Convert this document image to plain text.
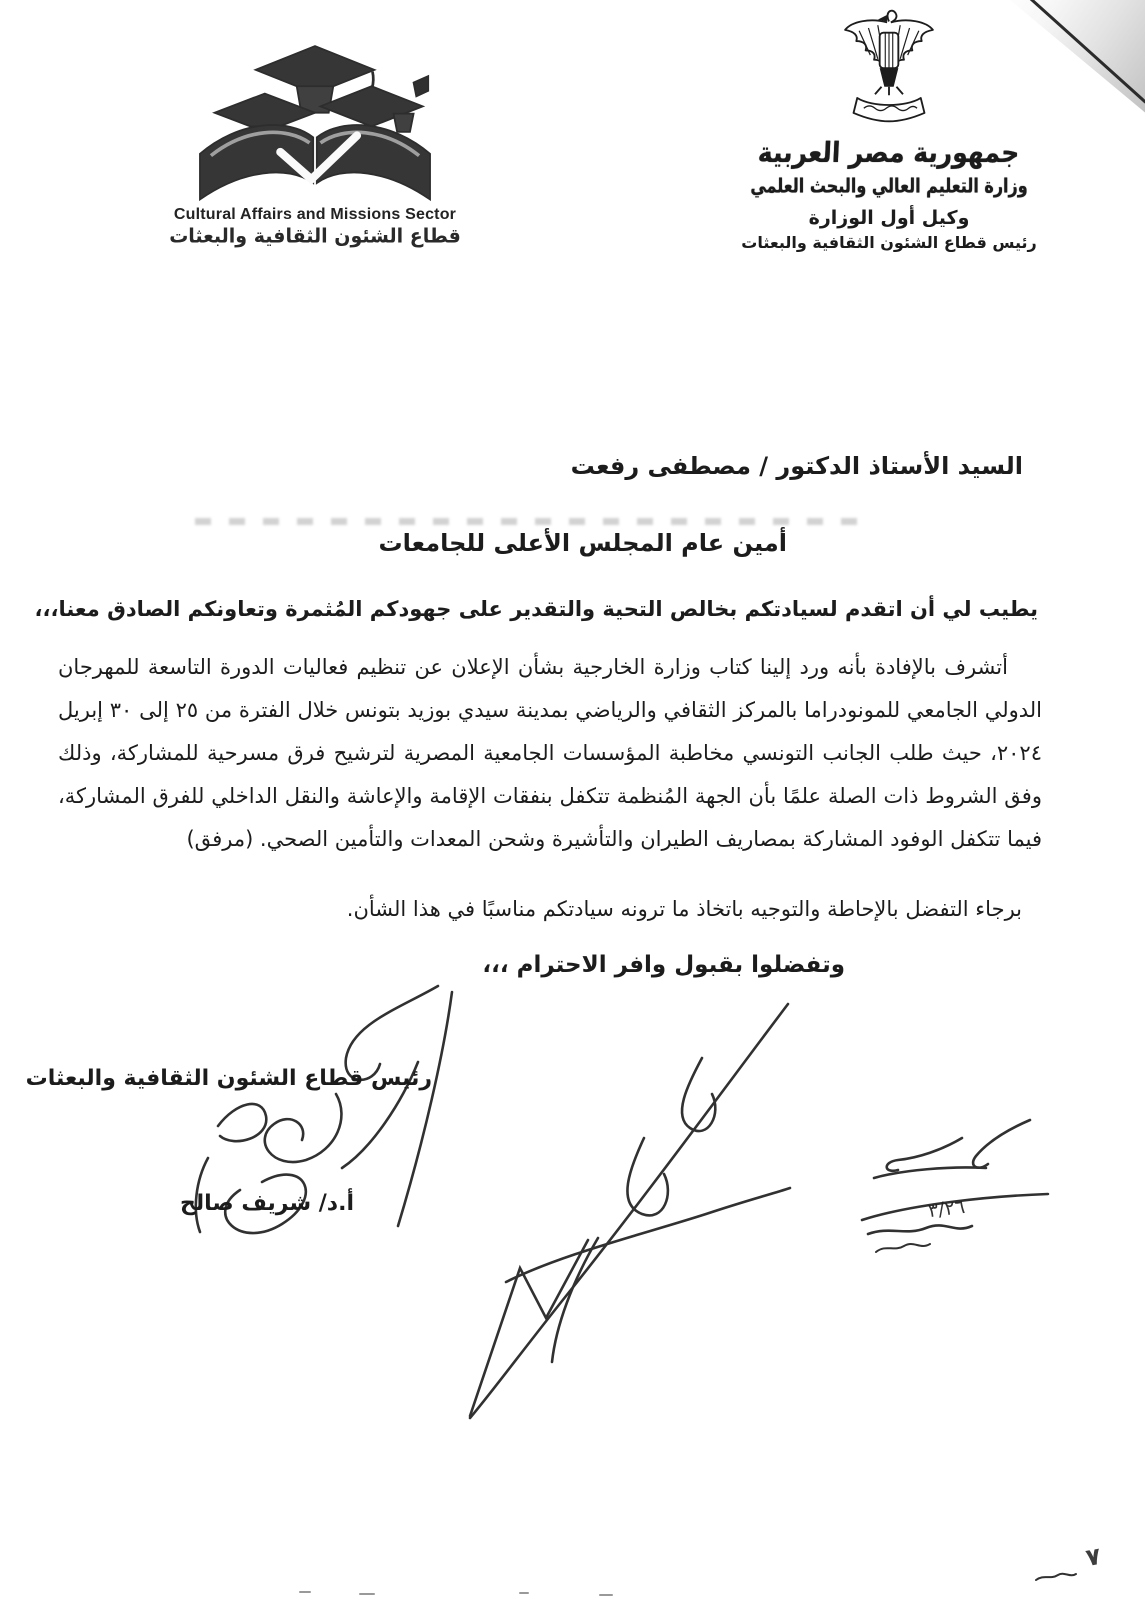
Cultural Affairs and Missions Sector
قطاع الشئون الثقافية والبعثات
جمهورية مصر العربية
وزارة التعليم العالي والبحث العلمي
وكيل أول الوزارة
رئيس قطاع الشئون الثقافية والبعثات
السيد الأستاذ الدكتور / مصطفى رفعت
أمين عام المجلس الأعلى للجامعات
يطيب لي أن اتقدم لسيادتكم بخالص التحية والتقدير على جهودكم المُثمرة وتعاونكم الصادق معنا،،،
أتشرف بالإفادة بأنه ورد إلينا كتاب وزارة الخارجية بشأن الإعلان عن تنظيم فعاليات الدورة التاسعة للمهرجان الدولي الجامعي للمونودراما بالمركز الثقافي والرياضي بمدينة سيدي بوزيد بتونس خلال الفترة من ٢٥ إلى ٣٠ إبريل ٢٠٢٤، حيث طلب الجانب التونسي مخاطبة المؤسسات الجامعية المصرية لترشيح فرق مسرحية للمشاركة، وذلك وفق الشروط ذات الصلة علمًا بأن الجهة المُنظمة تتكفل بنفقات الإقامة والإعاشة والنقل الداخلي للفرق المشاركة، فيما تتكفل الوفود المشاركة بمصاريف الطيران والتأشيرة وشحن المعدات والتأمين الصحي. (مرفق)
برجاء التفضل بالإحاطة والتوجيه باتخاذ ما ترونه سيادتكم مناسبًا في هذا الشأن.
وتفضلوا بقبول وافر الاحترام ،،،
رئيس قطاع الشئون الثقافية والبعثات
أ.د/ شريف صالح	٣/٢٦
٧
